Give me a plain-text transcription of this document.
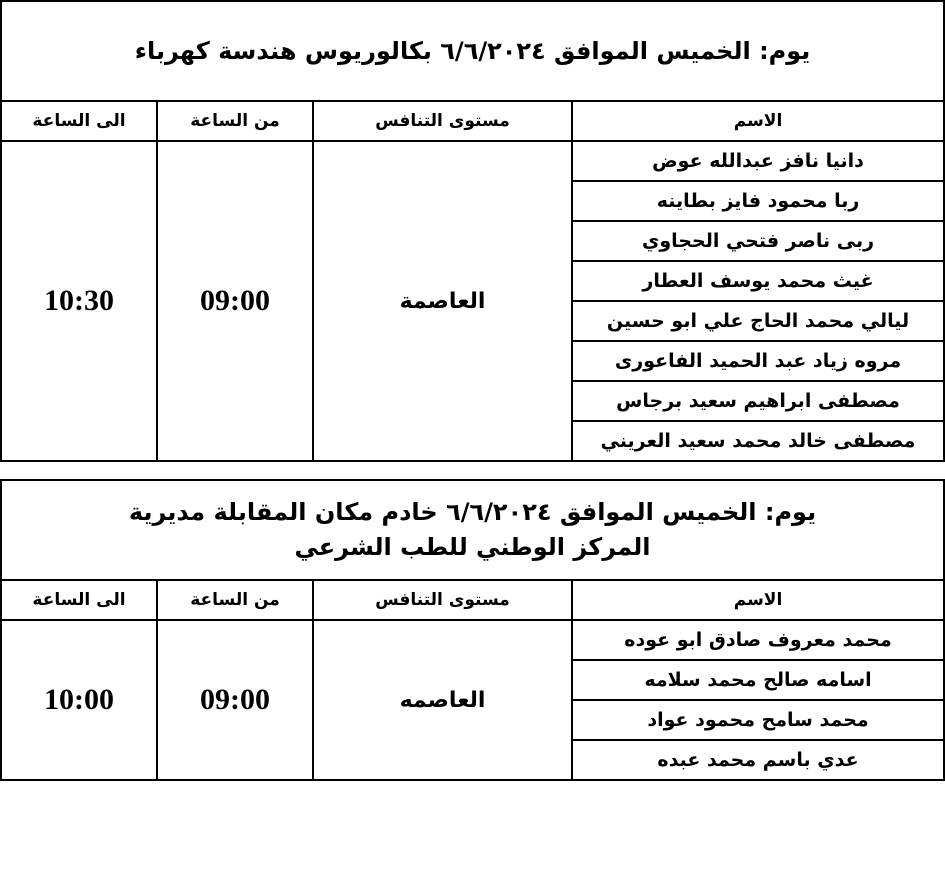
يوم: الخميس الموافق ٦/٦/٢٠٢٤ بكالوريوس هندسة كهرباء
الاسم
مستوى التنافس
من الساعة
الى الساعة
دانيا نافز عبدالله عوض
ربا محمود فايز بطاينه
ربى ناصر فتحي الحجاوي
غيث محمد يوسف العطار
ليالي محمد الحاج علي ابو حسين
مروه زياد عبد الحميد الفاعورى
مصطفى ابراهيم سعيد برجاس
مصطفى خالد محمد سعيد العريني
العاصمة
09:00
10:30
يوم: الخميس الموافق ٦/٦/٢٠٢٤ خادم مكان المقابلة مديرية
المركز الوطني للطب الشرعي
الاسم
مستوى التنافس
من الساعة
الى الساعة
محمد معروف صادق ابو عوده
اسامه صالح محمد سلامه
محمد سامح محمود عواد
عدي باسم محمد عبده
العاصمه
09:00
10:00
